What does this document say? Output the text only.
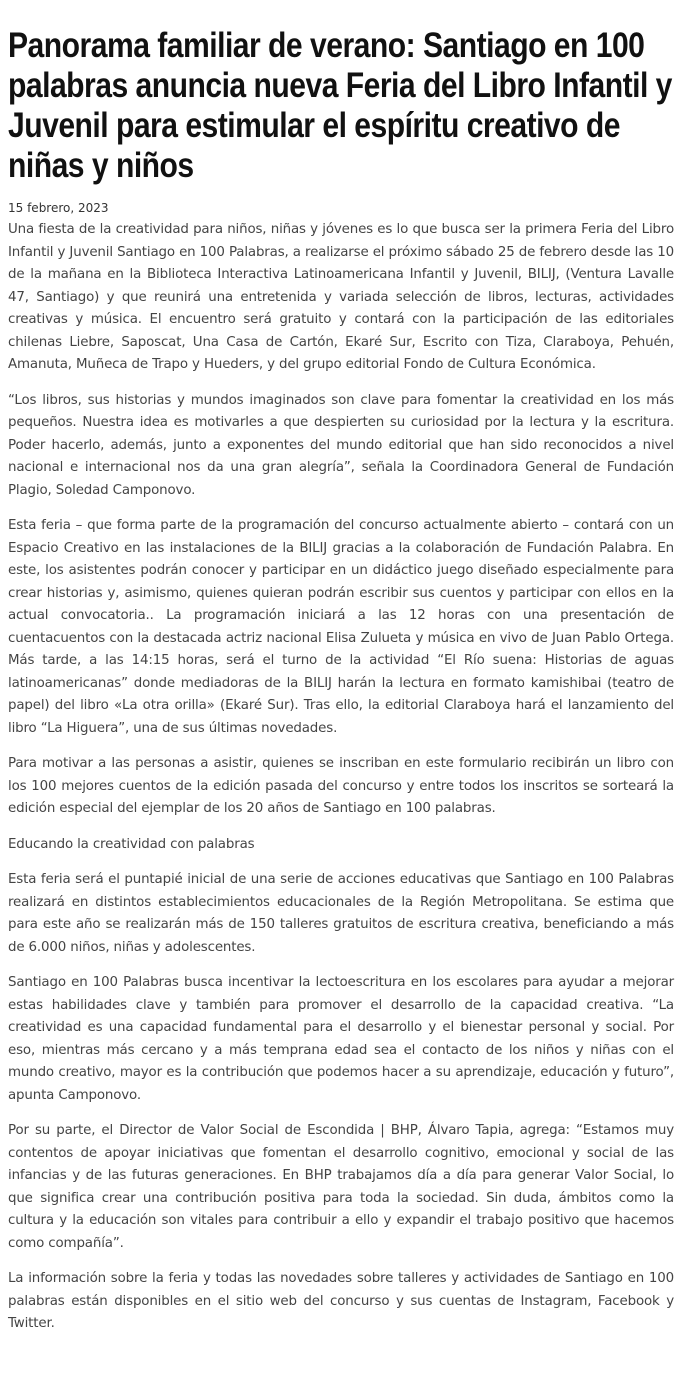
Panorama familiar de verano: Santiago en 100 palabras anuncia nueva Feria del Libro Infantil y Juvenil para estimular el espíritu creativo de niñas y niños
15 febrero, 2023

Una fiesta de la creatividad para niños, niñas y jóvenes es lo que busca ser la primera Feria del Libro Infantil y Juvenil Santiago en 100 Palabras, a realizarse el próximo sábado 25 de febrero desde las 10 de la mañana en la Biblioteca Interactiva Latinoamericana Infantil y Juvenil, BILIJ, (Ventura Lavalle 47, Santiago) y que reunirá una entretenida y variada selección de libros, lecturas, actividades creativas y música. El encuentro será gratuito y contará con la participación de las editoriales chilenas Liebre, Saposcat, Una Casa de Cartón, Ekaré Sur, Escrito con Tiza, Claraboya, Pehuén, Amanuta, Muñeca de Trapo y Hueders, y del grupo editorial Fondo de Cultura Económica.

“Los libros, sus historias y mundos imaginados son clave para fomentar la creatividad en los más pequeños. Nuestra idea es motivarles a que despierten su curiosidad por la lectura y la escritura. Poder hacerlo, además, junto a exponentes del mundo editorial que han sido reconocidos a nivel nacional e internacional nos da una gran alegría”, señala la Coordinadora General de Fundación Plagio, Soledad Camponovo.

Esta feria – que forma parte de la programación del concurso actualmente abierto – contará con un Espacio Creativo en las instalaciones de la BILIJ gracias a la colaboración de Fundación Palabra. En este, los asistentes podrán conocer y participar en un didáctico juego diseñado especialmente para crear historias y, asimismo, quienes quieran podrán escribir sus cuentos y participar con ellos en la actual convocatoria.. La programación iniciará a las 12 horas con una presentación de cuentacuentos con la destacada actriz nacional Elisa Zulueta y música en vivo de Juan Pablo Ortega. Más tarde, a las 14:15 horas, será el turno de la actividad “El Río suena: Historias de aguas latinoamericanas” donde mediadoras de la BILIJ harán la lectura en formato kamishibai (teatro de papel) del libro «La otra orilla» (Ekaré Sur). Tras ello, la editorial Claraboya hará el lanzamiento del libro “La Higuera”, una de sus últimas novedades.

Para motivar a las personas a asistir, quienes se inscriban en este formulario recibirán un libro con los 100 mejores cuentos de la edición pasada del concurso y entre todos los inscritos se sorteará la edición especial del ejemplar de los 20 años de Santiago en 100 palabras.

Educando la creatividad con palabras

Esta feria será el puntapié inicial de una serie de acciones educativas que Santiago en 100 Palabras realizará en distintos establecimientos educacionales de la Región Metropolitana. Se estima que para este año se realizarán más de 150 talleres gratuitos de escritura creativa, beneficiando a más de 6.000 niños, niñas y adolescentes.

Santiago en 100 Palabras busca incentivar la lectoescritura en los escolares para ayudar a mejorar estas habilidades clave y también para promover el desarrollo de la capacidad creativa. “La creatividad es una capacidad fundamental para el desarrollo y el bienestar personal y social. Por eso, mientras más cercano y a más temprana edad sea el contacto de los niños y niñas con el mundo creativo, mayor es la contribución que podemos hacer a su aprendizaje, educación y futuro”, apunta Camponovo.

Por su parte, el Director de Valor Social de Escondida | BHP, Álvaro Tapia, agrega: “Estamos muy contentos de apoyar iniciativas que fomentan el desarrollo cognitivo, emocional y social de las infancias y de las futuras generaciones. En BHP trabajamos día a día para generar Valor Social, lo que significa crear una contribución positiva para toda la sociedad. Sin duda, ámbitos como la cultura y la educación son vitales para contribuir a ello y expandir el trabajo positivo que hacemos como compañía”.

La información sobre la feria y todas las novedades sobre talleres y actividades de Santiago en 100 palabras están disponibles en el sitio web del concurso y sus cuentas de Instagram, Facebook y Twitter.
